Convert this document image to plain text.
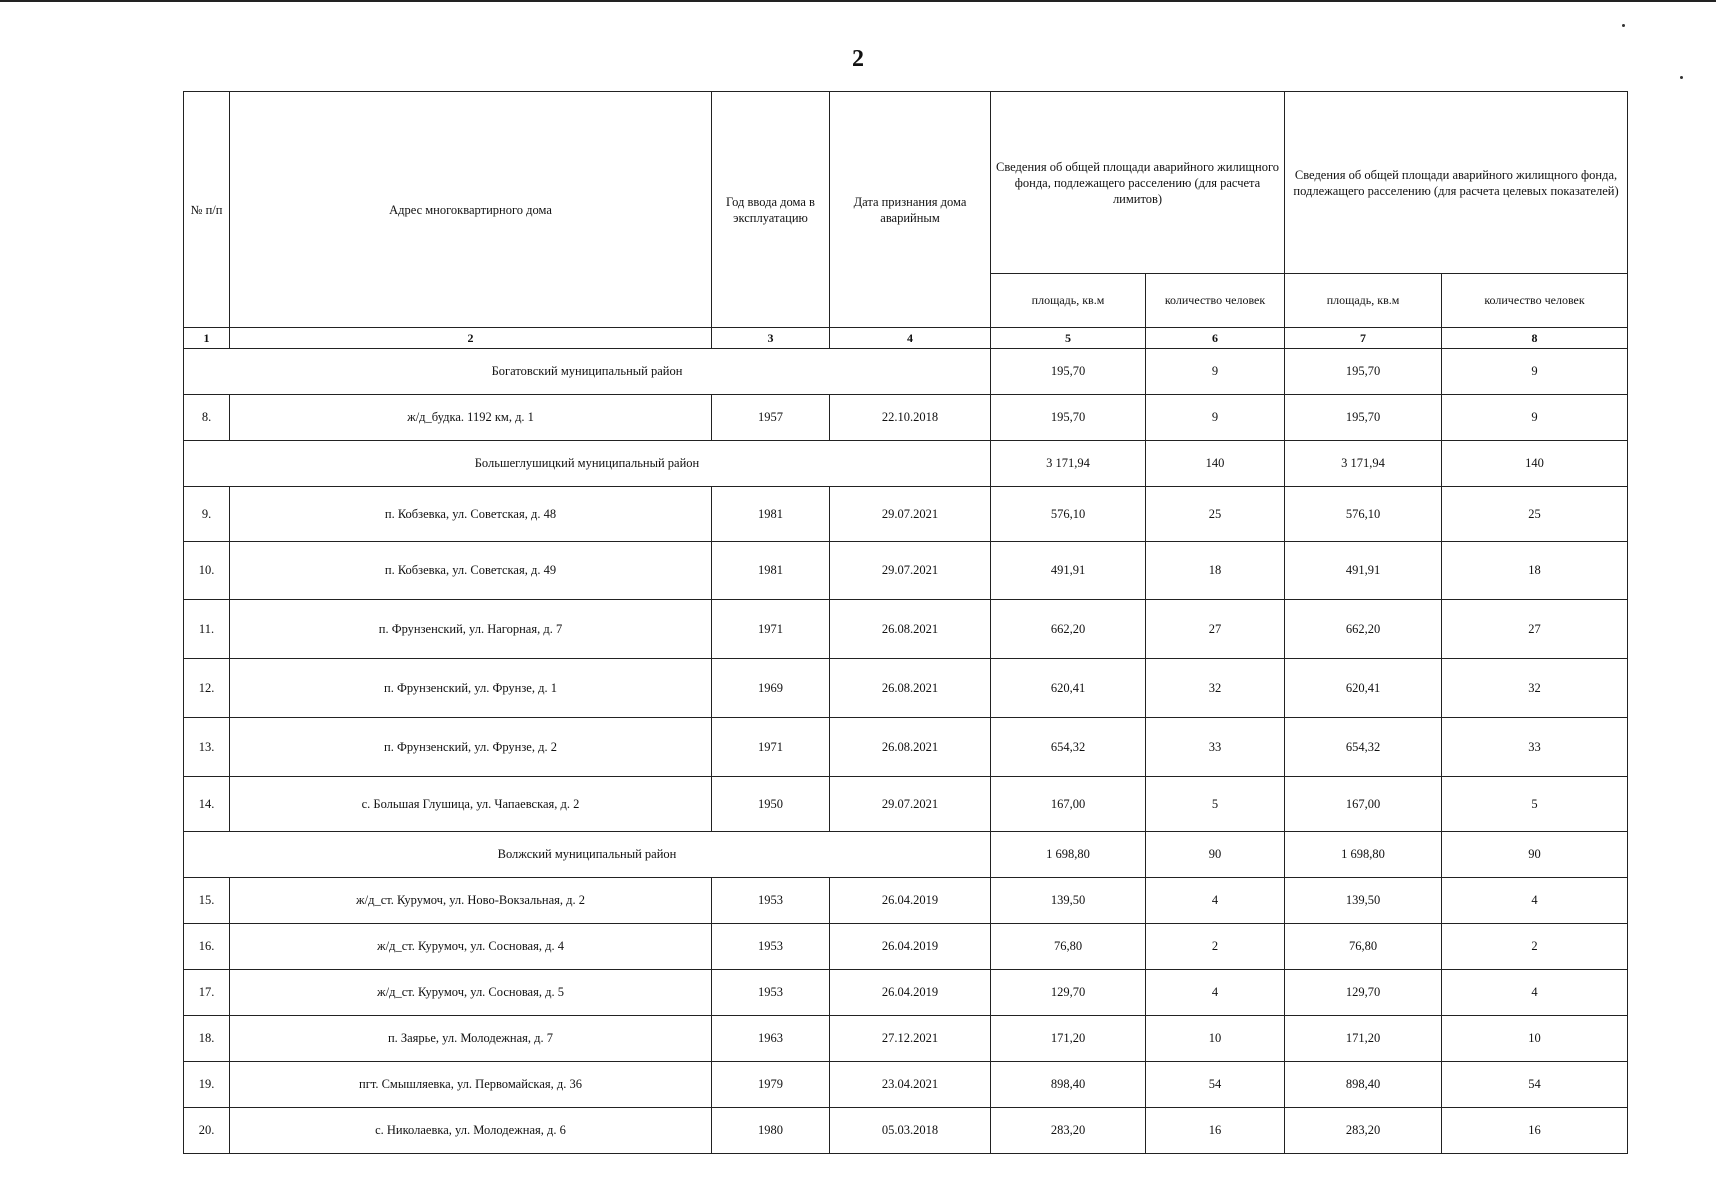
2
№ п/п	Адрес многоквартирного дома	Год ввода дома в эксплуатацию	Дата признания дома аварийным	Сведения об общей площади аварийного жилищного фонда, подлежащего расселению (для расчета лимитов)		Сведения об общей площади аварийного жилищного фонда, подлежащего расселению (для расчета целевых показателей)	
				площадь, кв.м	количество человек	площадь, кв.м	количество человек
1	2	3	4	5	6	7	8
Богатовский муниципальный район				195,70	9	195,70	9
8.	ж/д_будка. 1192 км, д. 1	1957	22.10.2018	195,70	9	195,70	9
Большеглушицкий муниципальный район				3 171,94	140	3 171,94	140
9.	п. Кобзевка, ул. Советская, д. 48	1981	29.07.2021	576,10	25	576,10	25
10.	п. Кобзевка, ул. Советская, д. 49	1981	29.07.2021	491,91	18	491,91	18
11.	п. Фрунзенский, ул. Нагорная, д. 7	1971	26.08.2021	662,20	27	662,20	27
12.	п. Фрунзенский, ул. Фрунзе, д. 1	1969	26.08.2021	620,41	32	620,41	32
13.	п. Фрунзенский, ул. Фрунзе, д. 2	1971	26.08.2021	654,32	33	654,32	33
14.	с. Большая Глушица, ул. Чапаевская, д. 2	1950	29.07.2021	167,00	5	167,00	5
Волжский муниципальный район				1 698,80	90	1 698,80	90
15.	ж/д_ст. Курумоч, ул. Ново-Вокзальная, д. 2	1953	26.04.2019	139,50	4	139,50	4
16.	ж/д_ст. Курумоч, ул. Сосновая, д. 4	1953	26.04.2019	76,80	2	76,80	2
17.	ж/д_ст. Курумоч, ул. Сосновая, д. 5	1953	26.04.2019	129,70	4	129,70	4
18.	п. Заярье, ул. Молодежная, д. 7	1963	27.12.2021	171,20	10	171,20	10
19.	пгт. Смышляевка, ул. Первомайская, д. 36	1979	23.04.2021	898,40	54	898,40	54
20.	с. Николаевка, ул. Молодежная, д. 6	1980	05.03.2018	283,20	16	283,20	16
